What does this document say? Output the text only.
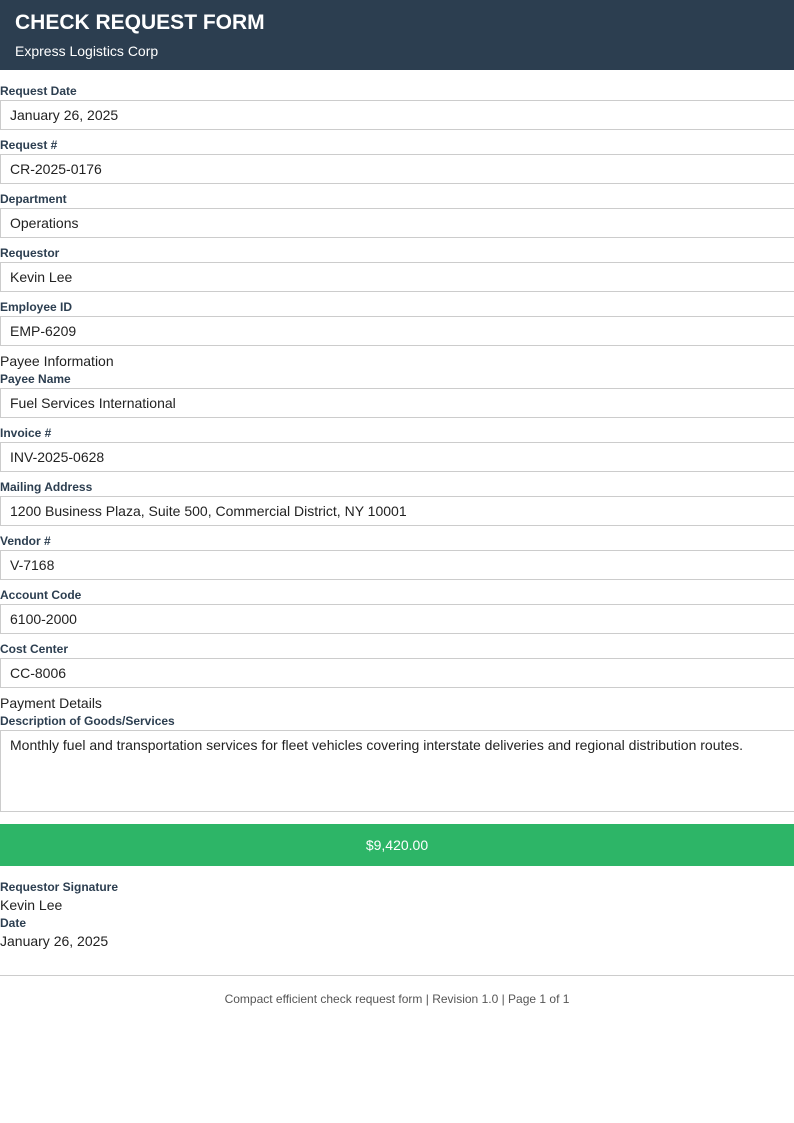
CHECK REQUEST FORM
Express Logistics Corp
Request Date
January 26, 2025
Request #
CR-2025-0176
Department
Operations
Requestor
Kevin Lee
Employee ID
EMP-6209
Payee Information
Payee Name
Fuel Services International
Invoice #
INV-2025-0628
Mailing Address
1200 Business Plaza, Suite 500, Commercial District, NY 10001
Vendor #
V-7168
Account Code
6100-2000
Cost Center
CC-8006
Payment Details
Description of Goods/Services
Monthly fuel and transportation services for fleet vehicles covering interstate deliveries and regional distribution routes.
$9,420.00
Requestor Signature
Kevin Lee
Date
January 26, 2025
Compact efficient check request form | Revision 1.0 | Page 1 of 1
